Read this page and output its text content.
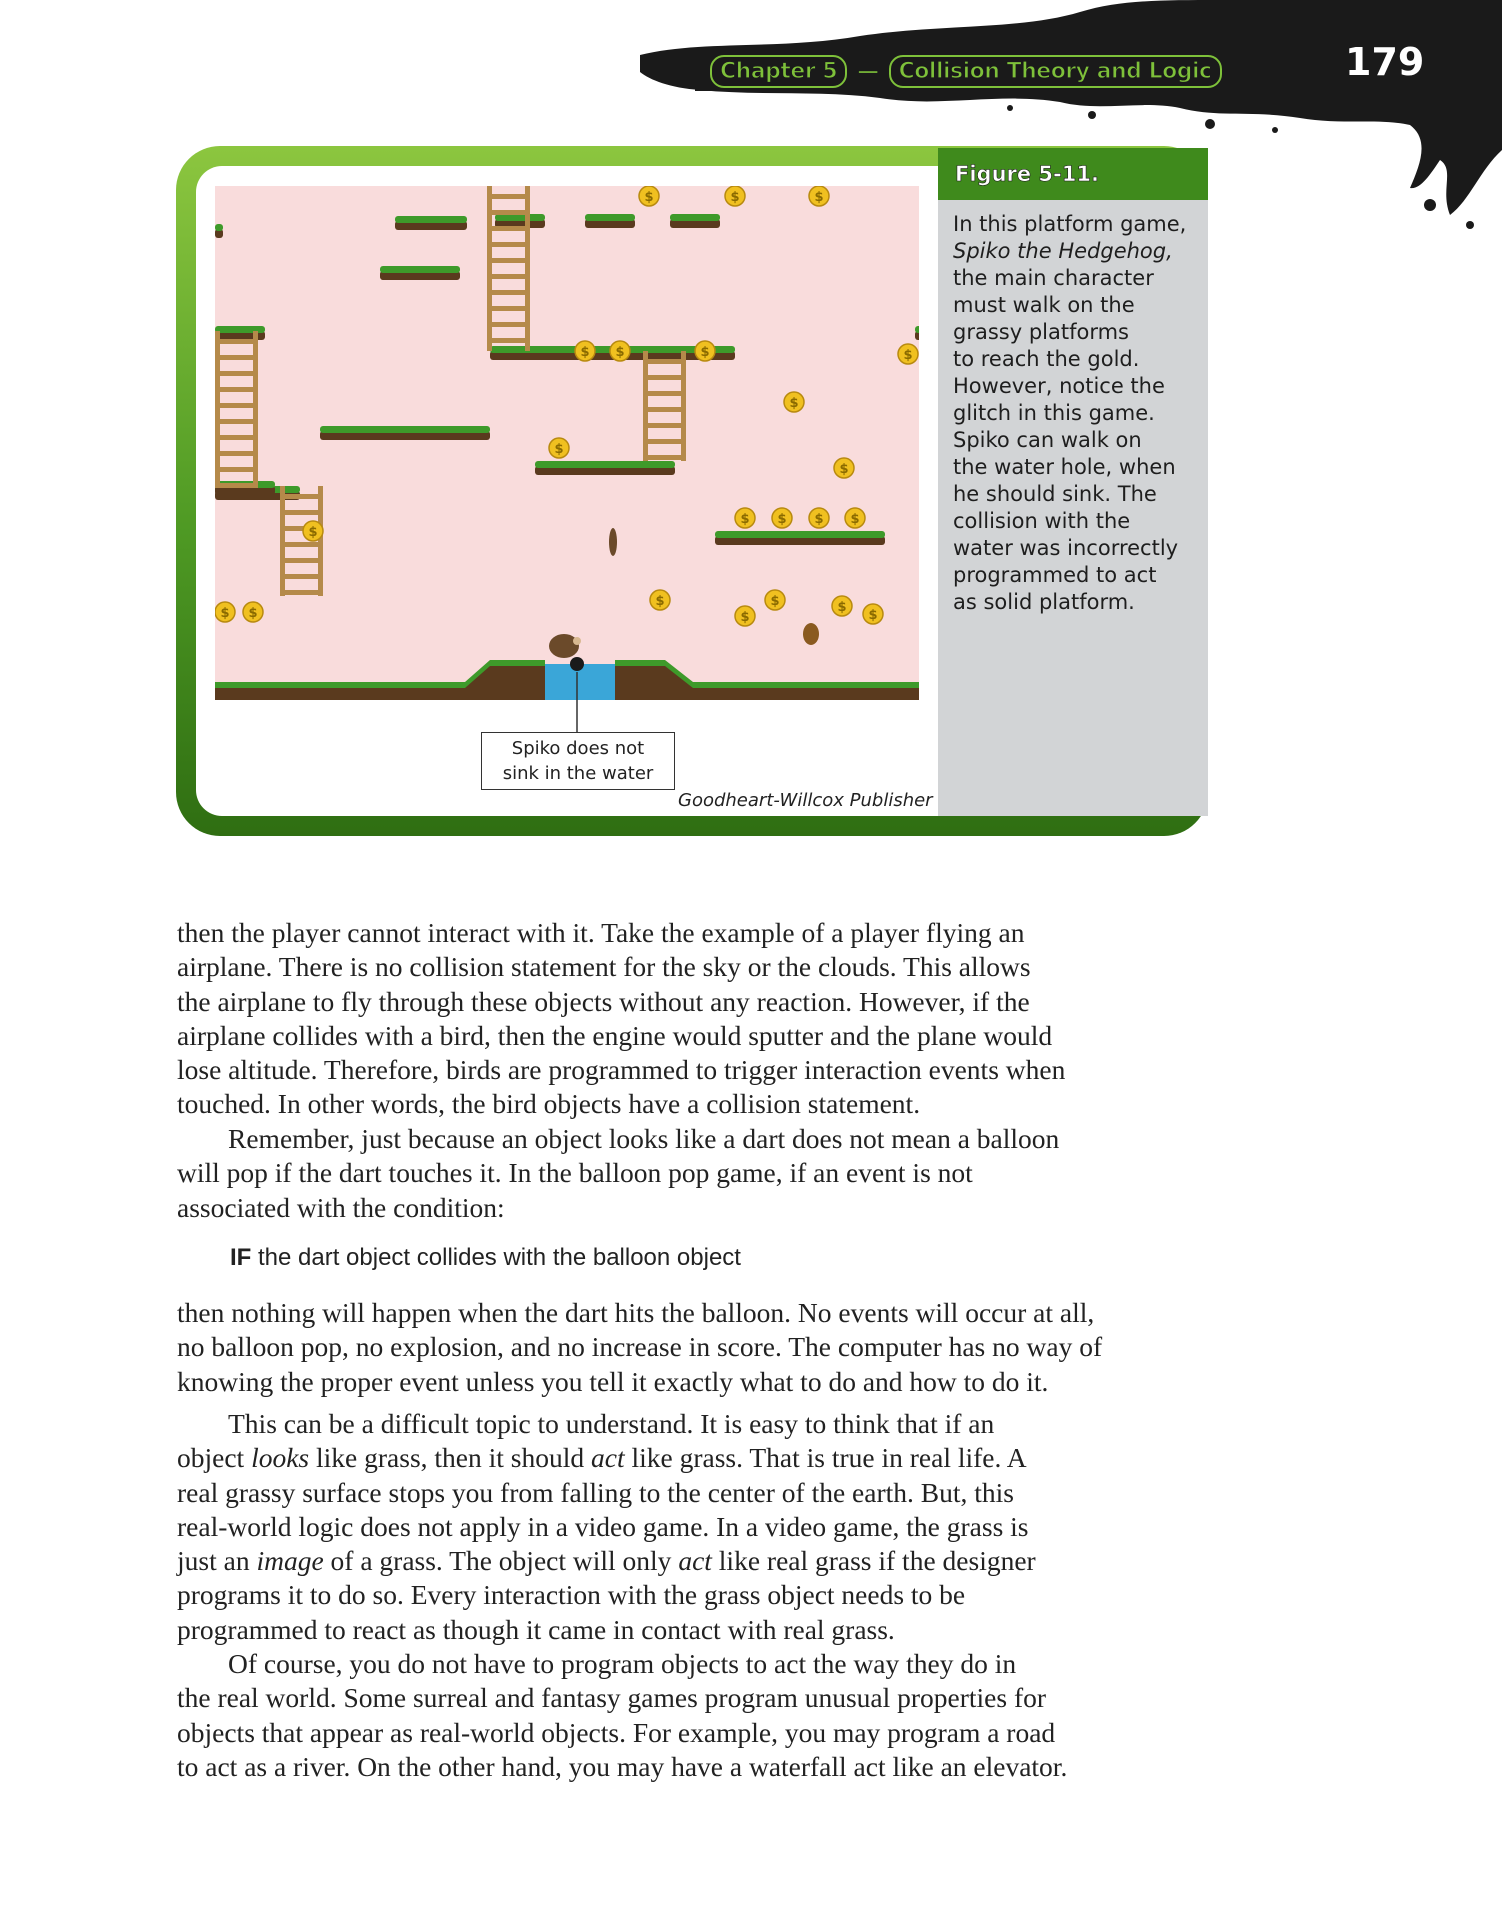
Chapter 5 — Collision Theory and Logic	179
Figure 5-11.
In this platform game,
Spiko the Hedgehog,
the main character
must walk on the
grassy platforms
to reach the gold.
However, notice the
glitch in this game.
Spiko can walk on
the water hole, when
he should sink. The
collision with the
water was incorrectly
programmed to act
as solid platform.
$	$	$
$ $	$	$
$
$
$
$ $ $ $
$
$ $
$
$
$	$
$
Spiko does not
sink in the water
Goodheart-Willcox Publisher
then the player cannot interact with it. Take the example of a player flying an
airplane. There is no collision statement for the sky or the clouds. This allows
the airplane to fly through these objects without any reaction. However, if the
airplane collides with a bird, then the engine would sputter and the plane would
lose altitude. Therefore, birds are programmed to trigger interaction events when
touched. In other words, the bird objects have a collision statement.
Remember, just because an object looks like a dart does not mean a balloon
will pop if the dart touches it. In the balloon pop game, if an event is not
associated with the condition:
IF the dart object collides with the balloon object
then nothing will happen when the dart hits the balloon. No events will occur at all,
no balloon pop, no explosion, and no increase in score. The computer has no way of
knowing the proper event unless you tell it exactly what to do and how to do it.
This can be a difficult topic to understand. It is easy to think that if an
object looks like grass, then it should act like grass. That is true in real life. A
real grassy surface stops you from falling to the center of the earth. But, this
real-world logic does not apply in a video game. In a video game, the grass is
just an image of a grass. The object will only act like real grass if the designer
programs it to do so. Every interaction with the grass object needs to be
programmed to react as though it came in contact with real grass.
Of course, you do not have to program objects to act the way they do in
the real world. Some surreal and fantasy games program unusual properties for
objects that appear as real-world objects. For example, you may program a road
to act as a river. On the other hand, you may have a waterfall act like an elevator.
